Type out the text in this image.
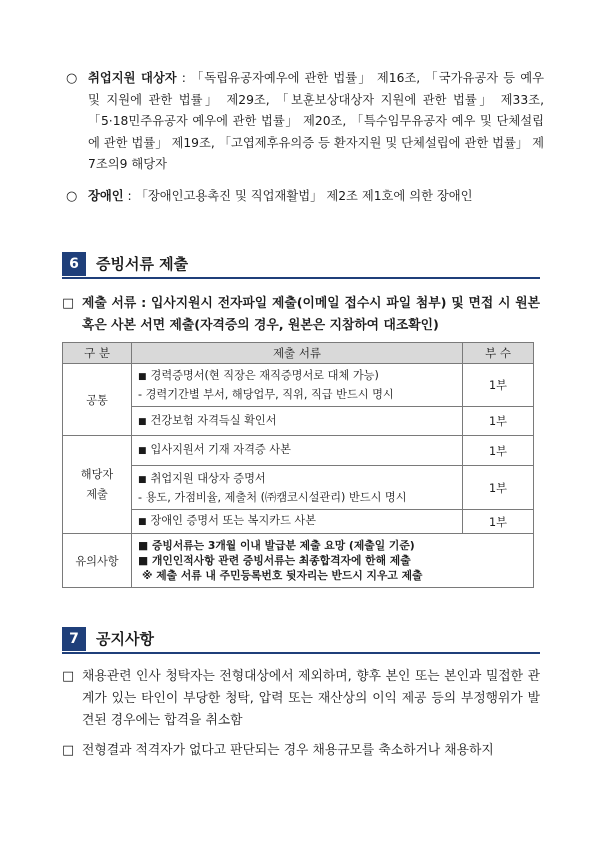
○ 취업지원 대상자 : 「독립유공자예우에 관한 법률」 제16조, 「국가유공자 등 예우 및 지원에 관한 법률」 제29조, 「보훈보상대상자 지원에 관한 법률」 제33조, 「5·18민주유공자 예우에 관한 법률」 제20조, 「특수임무유공자 예우 및 단체설립에 관한 법률」 제19조, 「고엽제후유의증 등 환자지원 및 단체설립에 관한 법률」 제7조의9 해당자
○ 장애인 : 「장애인고용촉진 및 직업재활법」 제2조 제1호에 의한 장애인
6	증빙서류 제출
□ 제출 서류 : 입사지원시 전자파일 제출(이메일 접수시 파일 첨부) 및 면접 시 원본 혹은 사본 서면 제출(자격증의 경우, 원본은 지참하여 대조확인)
구 분	제출 서류	부 수
공통	■ 경력증명서(현 직장은 재직증명서로 대체 가능)
- 경력기간별 부서, 해당업무, 직위, 직급 반드시 명시	1부
	■ 건강보험 자격득실 확인서	1부

해당자
제출	■ 입사지원서 기재 자격증 사본	1부

	■ 취업지원 대상자 증명서
- 용도, 가점비율, 제출처 (㈜캠코시설관리) 반드시 명시	1부
	■ 장애인 증명서 또는 복지카드 사본	1부
유의사항	■ 증빙서류는 3개월 이내 발급분 제출 요망 (제출일 기준)
■ 개인인적사항 관련 증빙서류는 최종합격자에 한해 제출
※ 제출 서류 내 주민등록번호 뒷자리는 반드시 지우고 제출	
7	공지사항
□ 채용관련 인사 청탁자는 전형대상에서 제외하며, 향후 본인 또는 본인과 밀접한 관계가 있는 타인이 부당한 청탁, 압력 또는 재산상의 이익 제공 등의 부정행위가 발견된 경우에는 합격을 취소함
□ 전형결과 적격자가 없다고 판단되는 경우 채용규모를 축소하거나 채용하지
